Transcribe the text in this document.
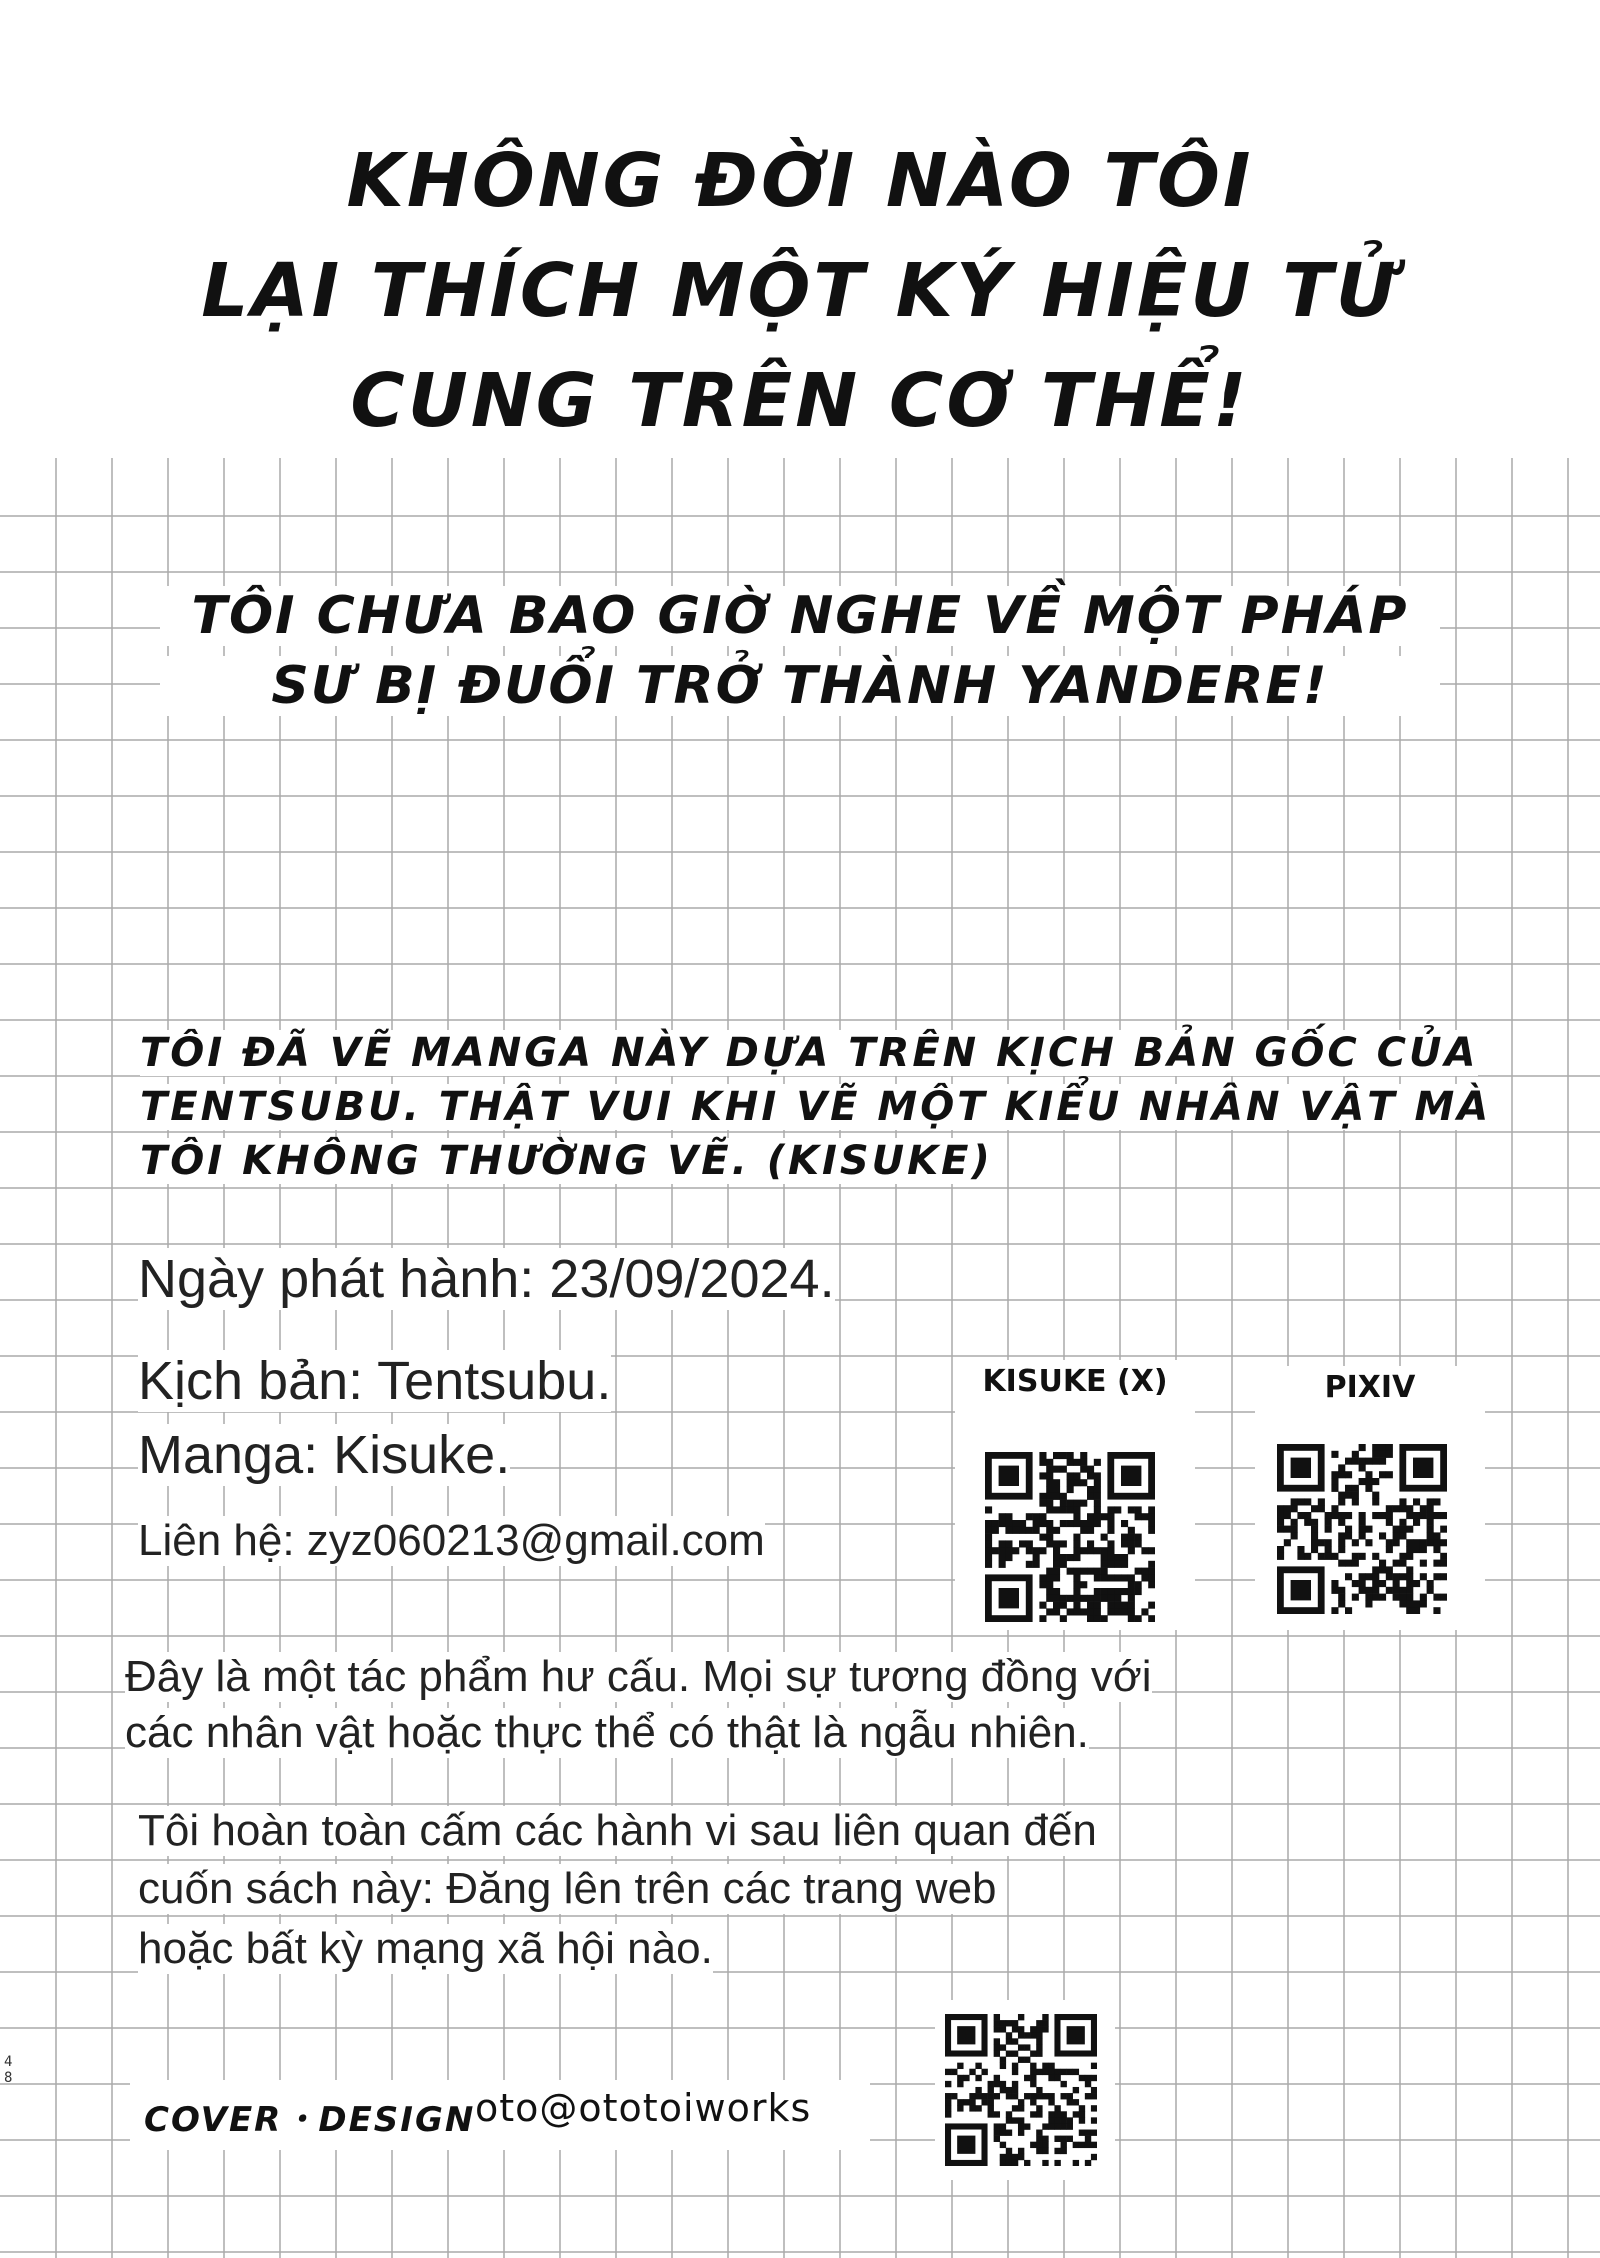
KHÔNG ĐỜI NÀO TÔI
LẠI THÍCH MỘT KÝ HIỆU TỬ
CUNG TRÊN CƠ THỂ!
TÔI CHƯA BAO GIỜ NGHE VỀ MỘT PHÁP
SƯ BỊ ĐUỔI TRỞ THÀNH YANDERE!
TÔI ĐÃ VẼ MANGA NÀY DỰA TRÊN KỊCH BẢN GỐC CỦA
TENTSUBU. THẬT VUI KHI VẼ MỘT KIỂU NHÂN VẬT MÀ
TÔI KHÔNG THƯỜNG VẼ. (KISUKE)
Ngày phát hành: 23/09/2024.
Kịch bản: Tentsubu.
Manga: Kisuke.
Liên hệ: zyz060213@gmail.com
KISUKE (X)	PIXIV
Đây là một tác phẩm hư cấu. Mọi sự tương đồng với
các nhân vật hoặc thực thể có thật là ngẫu nhiên.
Tôi hoàn toàn cấm các hành vi sau liên quan đến
cuốn sách này: Đăng lên trên các trang web
hoặc bất kỳ mạng xã hội nào.
COVER・DESIGN oto@ototoiworks
48
